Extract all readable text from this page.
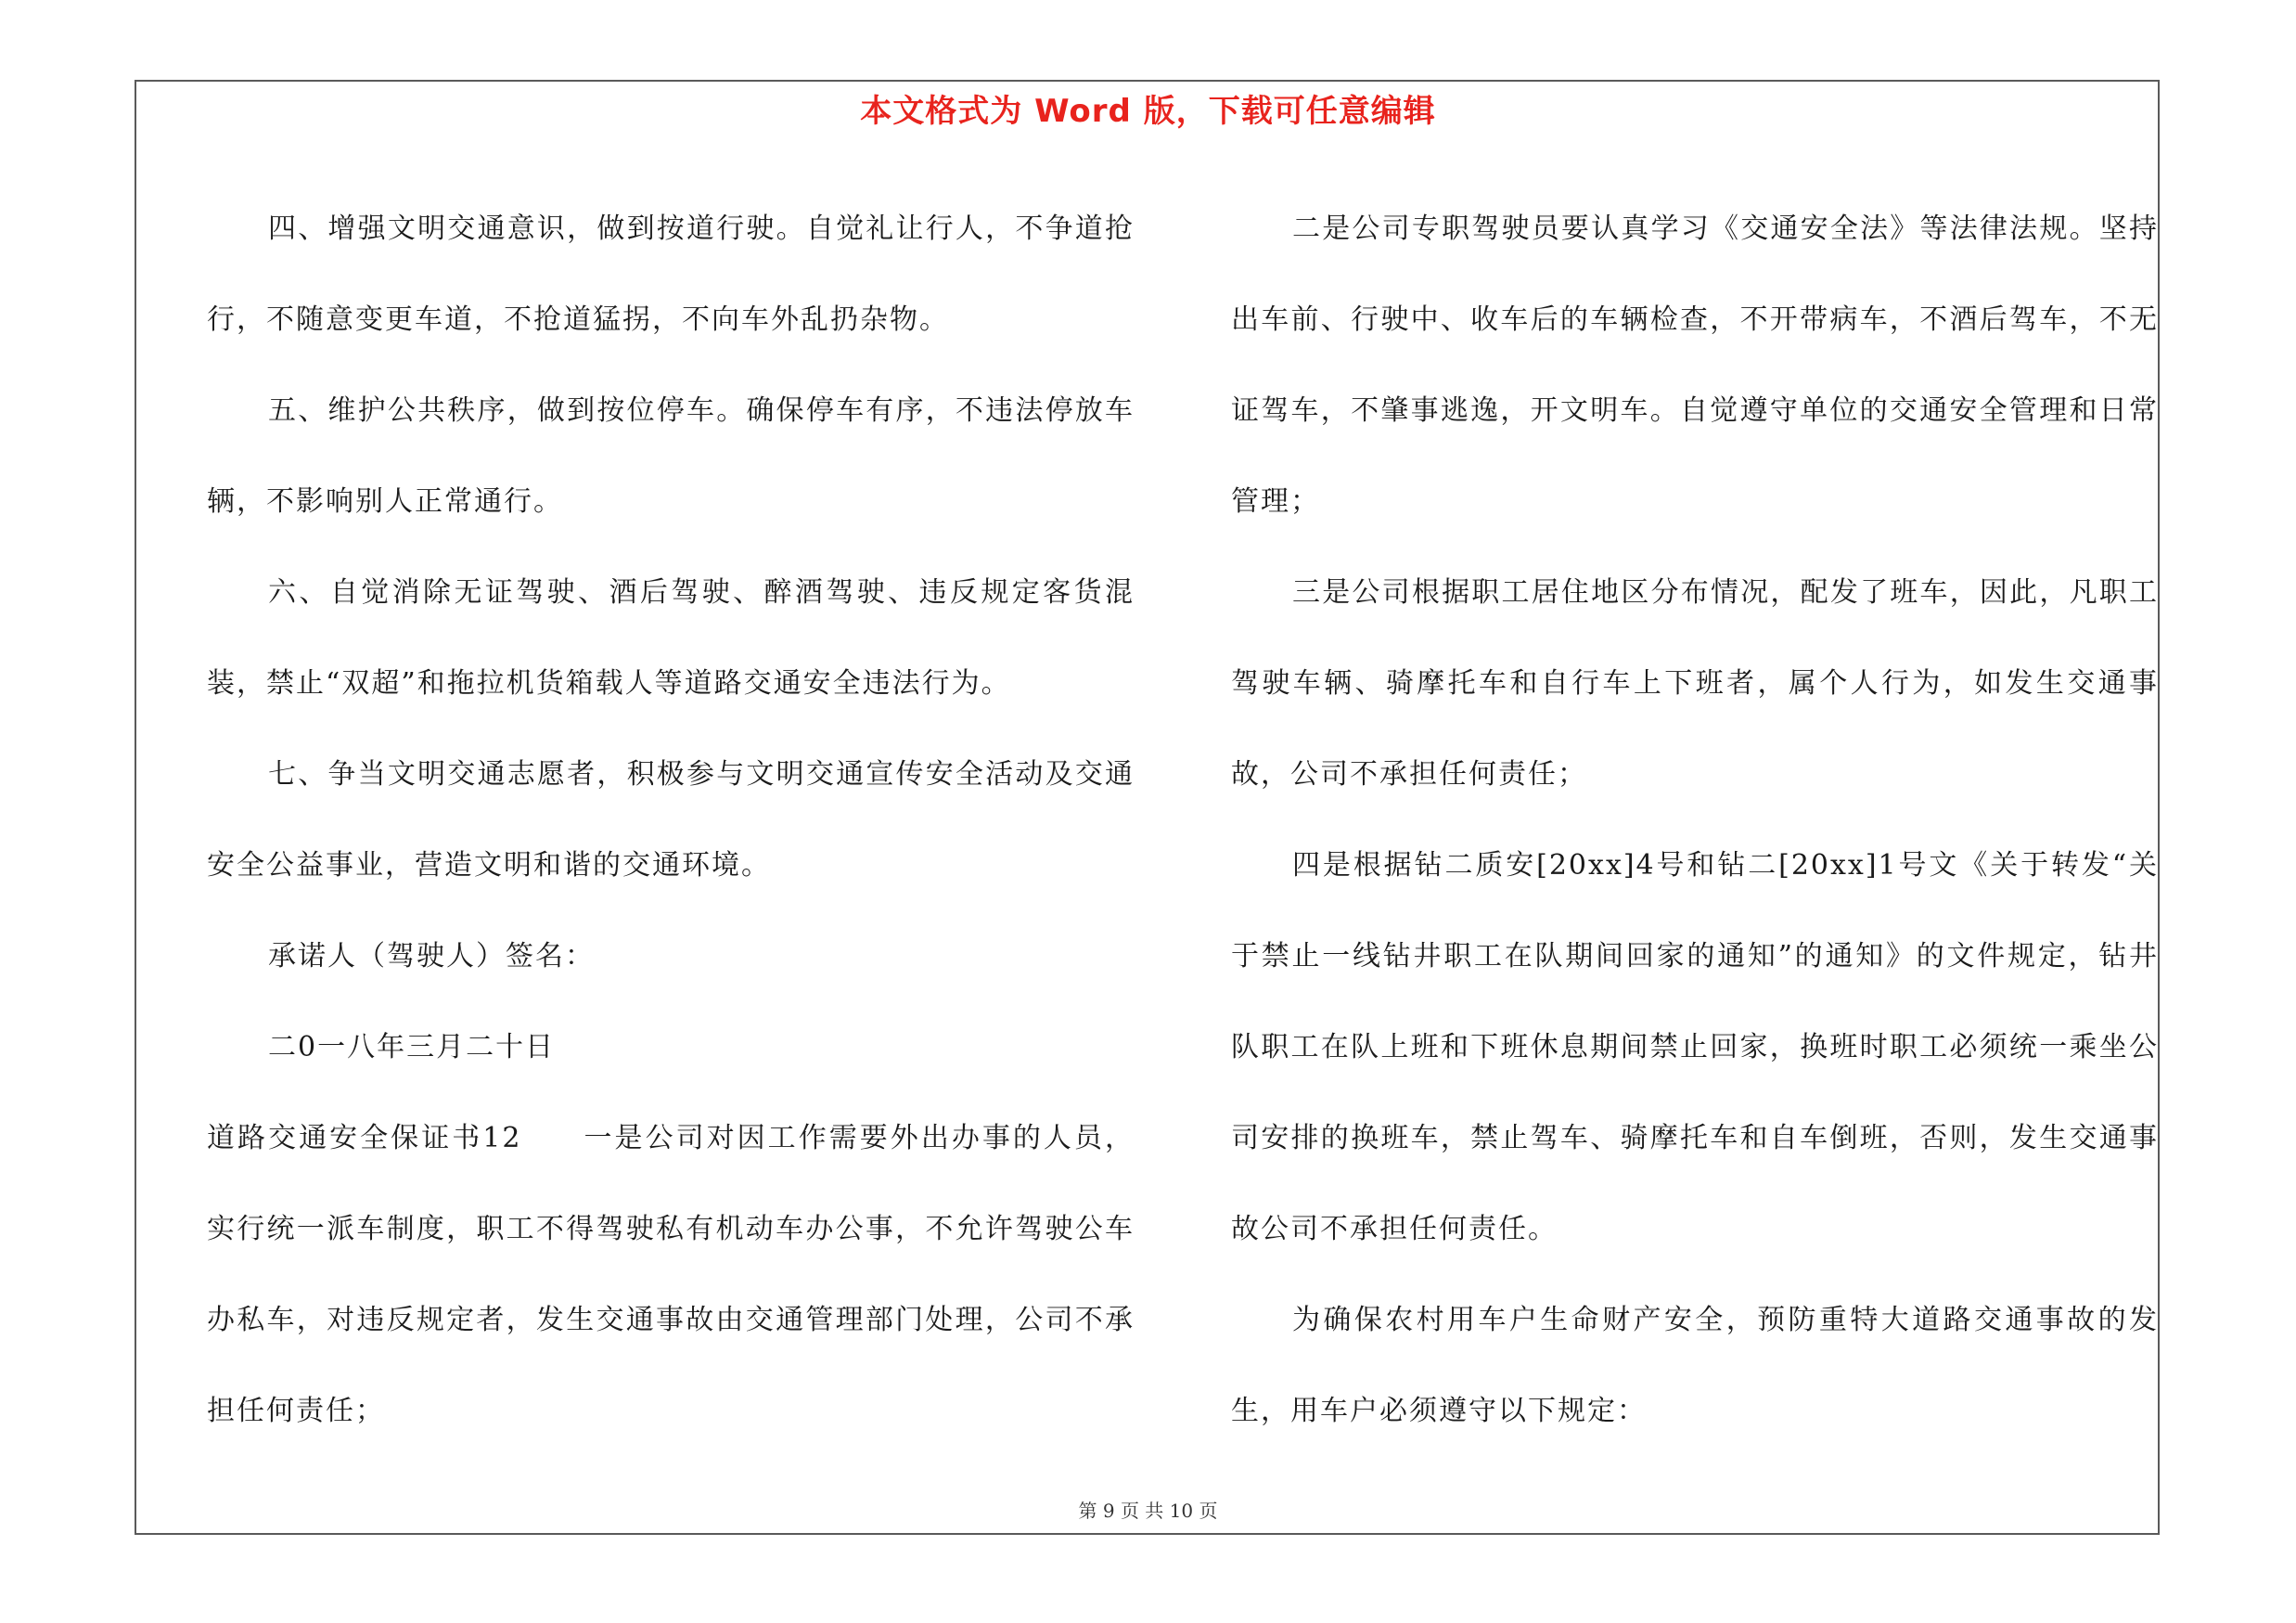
本文格式为 Word 版，下载可任意编辑

四、增强文明交通意识，做到按道行驶。自觉礼让行人，不争道抢行，不随意变更车道，不抢道猛拐，不向车外乱扔杂物。

五、维护公共秩序，做到按位停车。确保停车有序，不违法停放车辆，不影响别人正常通行。

六、自觉消除无证驾驶、酒后驾驶、醉酒驾驶、违反规定客货混装，禁止“双超”和拖拉机货箱载人等道路交通安全违法行为。

七、争当文明交通志愿者，积极参与文明交通宣传安全活动及交通安全公益事业，营造文明和谐的交通环境。

承诺人（驾驶人）签名：

二0一八年三月二十日

道路交通安全保证书12　　一是公司对因工作需要外出办事的人员，实行统一派车制度，职工不得驾驶私有机动车办公事，不允许驾驶公车办私车，对违反规定者，发生交通事故由交通管理部门处理，公司不承担任何责任；

二是公司专职驾驶员要认真学习《交通安全法》等法律法规。坚持出车前、行驶中、收车后的车辆检查，不开带病车，不酒后驾车，不无证驾车，不肇事逃逸，开文明车。自觉遵守单位的交通安全管理和日常管理；

三是公司根据职工居住地区分布情况，配发了班车，因此，凡职工驾驶车辆、骑摩托车和自行车上下班者，属个人行为，如发生交通事故，公司不承担任何责任；

四是根据钻二质安[20xx]4号和钻二[20xx]1号文《关于转发“关于禁止一线钻井职工在队期间回家的通知”的通知》的文件规定，钻井队职工在队上班和下班休息期间禁止回家，换班时职工必须统一乘坐公司安排的换班车，禁止驾车、骑摩托车和自车倒班，否则，发生交通事故公司不承担任何责任。

为确保农村用车户生命财产安全，预防重特大道路交通事故的发生，用车户必须遵守以下规定：

第 9 页 共 10 页
